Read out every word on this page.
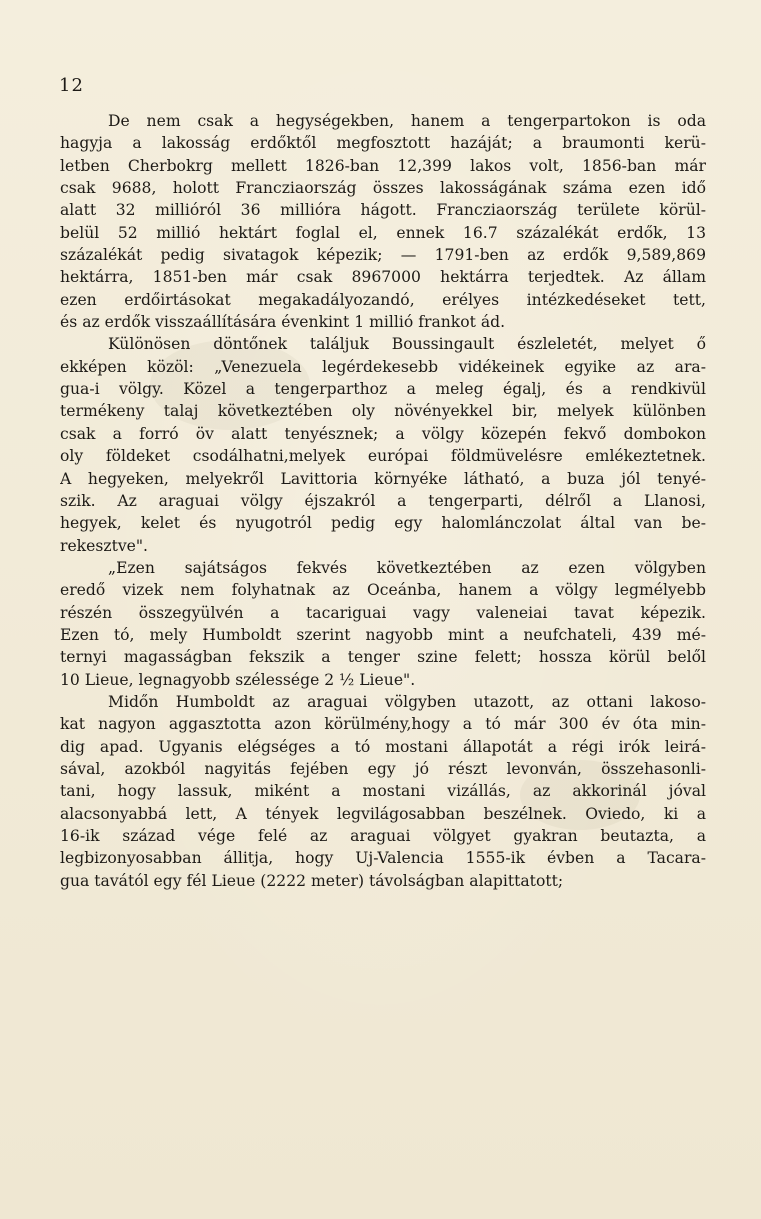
12

De nem csak a hegységekben, hanem a tengerpartokon is oda
hagyja a lakosság erdőktől megfosztott hazáját; a braumonti kerü-
letben Cherbokrg mellett 1826-ban 12,399 lakos volt, 1856-ban már
csak 9688, holott Francziaország összes lakosságának száma ezen idő
alatt 32 millióról 36 millióra hágott. Francziaország területe körül-
belül 52 millió hektárt foglal el, ennek 16.7 százalékát erdők, 13
százalékát pedig sivatagok képezik; — 1791-ben az erdők 9,589,869
hektárra, 1851-ben már csak 8967000 hektárra terjedtek. Az állam
ezen erdőirtásokat megakadályozandó, erélyes intézkedéseket tett,
és az erdők visszaállítására évenkint 1 millió frankot ád.

Különösen döntőnek találjuk Boussingault észleletét, melyet ő
ekképen közöl: „Venezuela legérdekesebb vidékeinek egyike az ara-
gua-i völgy. Közel a tengerparthoz a meleg égalj, és a rendkivül
termékeny talaj következtében oly növényekkel bir, melyek különben
csak a forró öv alatt tenyésznek; a völgy közepén fekvő dombokon
oly földeket csodálhatni,melyek európai földmüvelésre emlékeztetnek.
A hegyeken, melyekről Lavittoria környéke látható, a buza jól tenyé-
szik. Az araguai völgy éjszakról a tengerparti, délről a Llanosi,
hegyek, kelet és nyugotról pedig egy halomlánczolat által van be-
rekesztve".

„Ezen sajátságos fekvés következtében az ezen völgyben
eredő vizek nem folyhatnak az Oceánba, hanem a völgy legmélyebb
részén összegyülvén a tacariguai vagy valeneiai tavat képezik.
Ezen tó, mely Humboldt szerint nagyobb mint a neufchateli, 439 mé-
ternyi magasságban fekszik a tenger szine felett; hossza körül belől
10 Lieue, legnagyobb szélessége 2 ½ Lieue".

Midőn Humboldt az araguai völgyben utazott, az ottani lakoso-
kat nagyon aggasztotta azon körülmény,hogy a tó már 300 év óta min-
dig apad. Ugyanis elégséges a tó mostani állapotát a régi irók leirá-
sával, azokból nagyitás fejében egy jó részt levonván, összehasonli-
tani, hogy lassuk, miként a mostani vizállás, az akkorinál jóval
alacsonyabbá lett, A tények legvilágosabban beszélnek. Oviedo, ki a
16-ik század vége felé az araguai völgyet gyakran beutazta, a
legbizonyosabban állitja, hogy Uj-Valencia 1555-ik évben a Tacara-
gua tavától egy fél Lieue (2222 meter) távolságban alapittatott;
